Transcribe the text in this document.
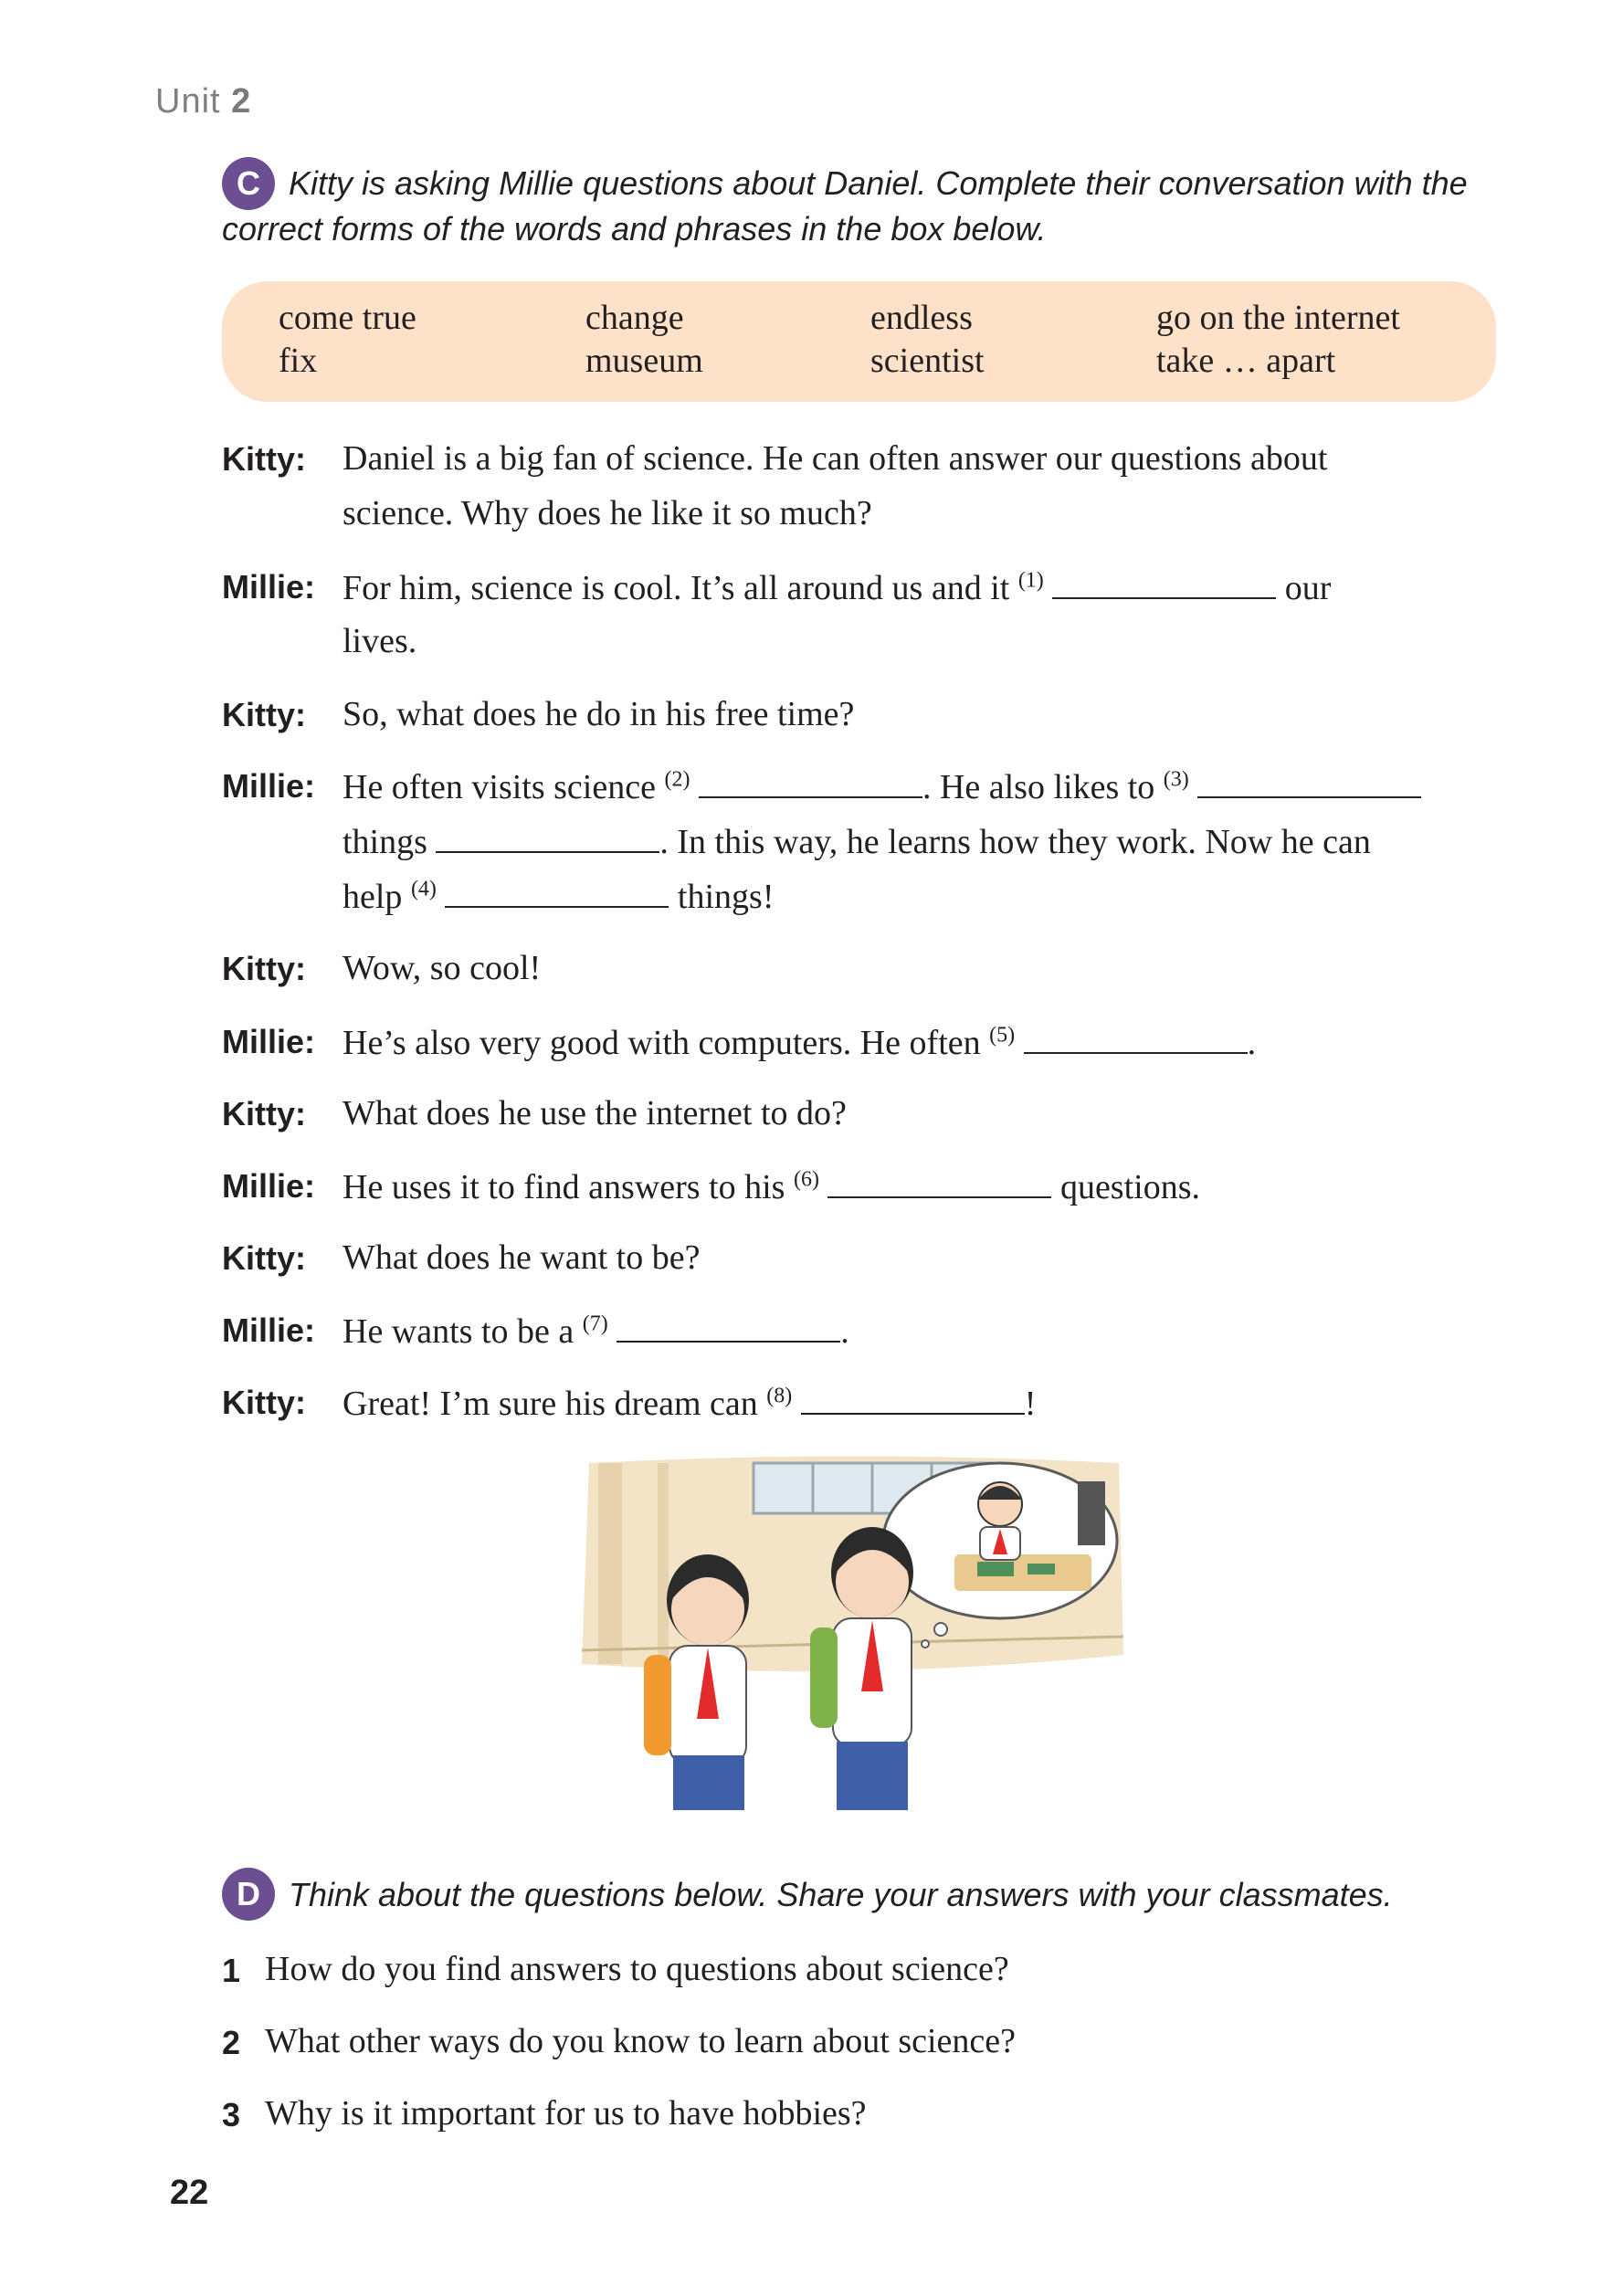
Unit 2
C Kitty is asking Millie questions about Daniel. Complete their conversation with the
correct forms of the words and phrases in the box below.
come true	change	endless	go on the internet
fix	museum	scientist	take … apart
Kitty: Daniel is a big fan of science. He can often answer our questions about
science. Why does he like it so much?
Millie: For him, science is cool. It’s all around us and it $^{(1)}$	our
lives.
Kitty: So, what does he do in his free time?
Millie: He often visits science $^{(2)}$	. He also likes to $^{(3)}$
things	. In this way, he learns how they work. Now he can
help $^{(4)}$	things!
Kitty: Wow, so cool!
Millie: He’s also very good with computers. He often $^{(5)}$	.
Kitty: What does he use the internet to do?
Millie: He uses it to find answers to his $^{(6)}$	questions.
Kitty: What does he want to be?
Millie: He wants to be a $^{(7)}$	.
Kitty: Great! I’m sure his dream can $^{(8)}$	!
D Think about the questions below. Share your answers with your classmates.
1 How do you find answers to questions about science?
2 What other ways do you know to learn about science?
3 Why is it important for us to have hobbies?
22
